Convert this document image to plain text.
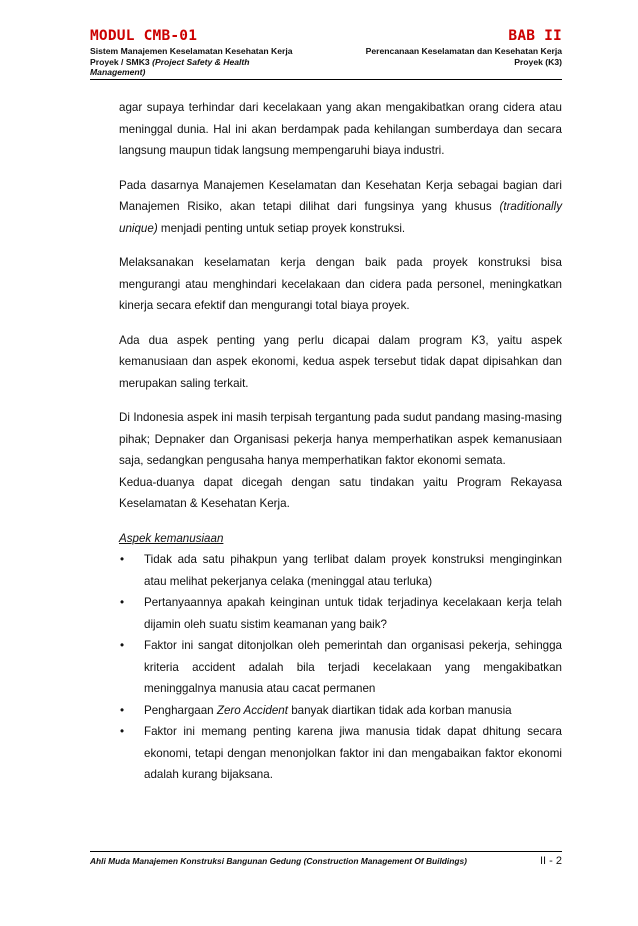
MODUL CMB-01	BAB II
Sistem Manajemen Keselamatan Kesehatan Kerja
Proyek / SMK3 (Project Safety & Health
Management)
Perencanaan Keselamatan dan Kesehatan Kerja
Proyek (K3)

agar supaya terhindar dari kecelakaan yang akan mengakibatkan orang cidera atau meninggal dunia. Hal ini akan berdampak pada kehilangan sumberdaya dan secara langsung maupun tidak langsung mempengaruhi biaya industri.

Pada dasarnya Manajemen Keselamatan dan Kesehatan Kerja sebagai bagian dari Manajemen Risiko, akan tetapi dilihat dari fungsinya yang khusus (traditionally unique) menjadi penting untuk setiap proyek konstruksi.

Melaksanakan keselamatan kerja dengan baik pada proyek konstruksi bisa mengurangi atau menghindari kecelakaan dan cidera pada personel, meningkatkan kinerja secara efektif dan mengurangi total biaya proyek.

Ada dua aspek penting yang perlu dicapai dalam program K3, yaitu aspek kemanusiaan dan aspek ekonomi, kedua aspek tersebut tidak dapat dipisahkan dan merupakan saling terkait.

Di Indonesia aspek ini masih terpisah tergantung pada sudut pandang masing-masing pihak; Depnaker dan Organisasi pekerja hanya memperhatikan aspek kemanusiaan saja, sedangkan pengusaha hanya memperhatikan faktor ekonomi semata.

Kedua-duanya dapat dicegah dengan satu tindakan yaitu Program Rekayasa Keselamatan & Kesehatan Kerja.

Aspek kemanusiaan
• Tidak ada satu pihakpun yang terlibat dalam proyek konstruksi menginginkan atau melihat pekerjanya celaka (meninggal atau terluka)
• Pertanyaannya apakah keinginan untuk tidak terjadinya kecelakaan kerja telah dijamin oleh suatu sistim keamanan yang baik?
• Faktor ini sangat ditonjolkan oleh pemerintah dan organisasi pekerja, sehingga kriteria accident adalah bila terjadi kecelakaan yang mengakibatkan meninggalnya manusia atau cacat permanen
• Penghargaan Zero Accident banyak diartikan tidak ada korban manusia
• Faktor ini memang penting karena jiwa manusia tidak dapat dhitung secara ekonomi, tetapi dengan menonjolkan faktor ini dan mengabaikan faktor ekonomi adalah kurang bijaksana.
Ahli Muda Manajemen Konstruksi Bangunan Gedung (Construction Management Of Buildings)	II - 2
